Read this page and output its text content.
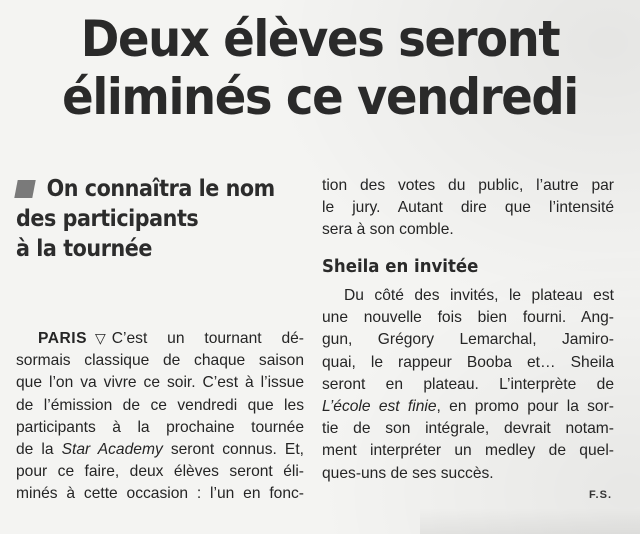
Deux élèves seront
éliminés ce vendredi
On connaîtra le nom
des participants
à la tournée
PARIS ▽ C’est un tournant dé-
sormais classique de chaque saison
que l’on va vivre ce soir. C’est à l’issue
de l’émission de ce vendredi que les
participants à la prochaine tournée
de la Star Academy seront connus. Et,
pour ce faire, deux élèves seront éli-
minés à cette occasion : l’un en fonc-
tion des votes du public, l’autre par
le jury. Autant dire que l’intensité
sera à son comble.
Sheila en invitée
Du côté des invités, le plateau est
une nouvelle fois bien fourni. Ang-
gun, Grégory Lemarchal, Jamiro-
quai, le rappeur Booba et… Sheila
seront en plateau. L’interprète de
L’école est finie, en promo pour la sor-
tie de son intégrale, devrait notam-
ment interpréter un medley de quel-
ques-uns de ses succès.
F.S.
